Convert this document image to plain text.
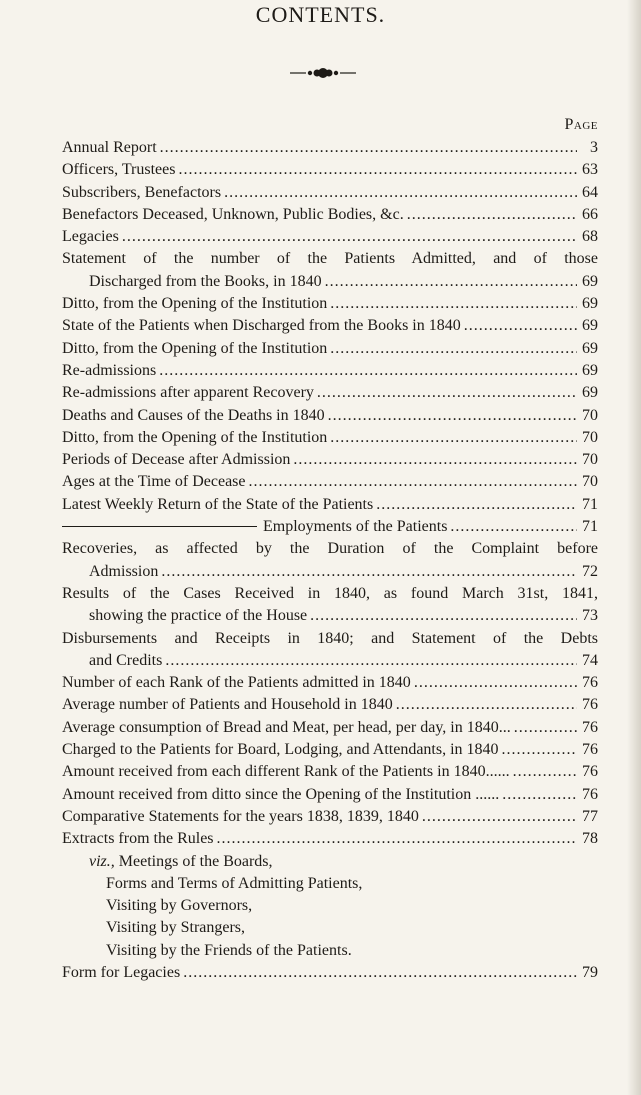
CONTENTS.
Page
Annual Report .....	3
Officers, Trustees .....	63
Subscribers, Benefactors .....	64
Benefactors Deceased, Unknown, Public Bodies, &c. .....	66
Legacies .....	68
Statement of the number of the Patients Admitted, and of those
Discharged from the Books, in 1840 .....	69
Ditto, from the Opening of the Institution .....	69
State of the Patients when Discharged from the Books in 1840 .....	69
Ditto, from the Opening of the Institution .....	69
Re-admissions .....	69
Re-admissions after apparent Recovery .....	69
Deaths and Causes of the Deaths in 1840 .....	70
Ditto, from the Opening of the Institution .....	70
Periods of Decease after Admission .....	70
Ages at the Time of Decease .....	70
Latest Weekly Return of the State of the Patients .....	71
Employments of the Patients .....	71
Recoveries, as affected by the Duration of the Complaint before
Admission .....	72
Results of the Cases Received in 1840, as found March 31st, 1841,
showing the practice of the House .....	73
Disbursements and Receipts in 1840; and Statement of the Debts
and Credits .....	74
Number of each Rank of the Patients admitted in 1840 .....	76
Average number of Patients and Household in 1840 .....	76
Average consumption of Bread and Meat, per head, per day, in 1840... .....	76
Charged to the Patients for Board, Lodging, and Attendants, in 1840 .....	76
Amount received from each different Rank of the Patients in 1840...... .....	76
Amount received from ditto since the Opening of the Institution ...... .....	76
Comparative Statements for the years 1838, 1839, 1840 .....	77
Extracts from the Rules .....	78
viz., Meetings of the Boards,
Forms and Terms of Admitting Patients,
Visiting by Governors,
Visiting by Strangers,
Visiting by the Friends of the Patients.
Form for Legacies .....	79
